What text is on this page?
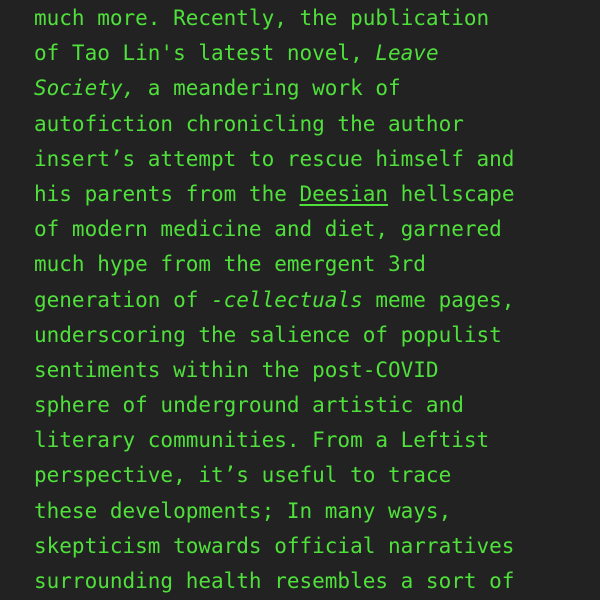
much more. Recently, the publication
of Tao Lin's latest novel, Leave
Society, a meandering work of
autofiction chronicling the author
insert’s attempt to rescue himself and
his parents from the Deesian hellscape
of modern medicine and diet, garnered
much hype from the emergent 3rd
generation of -cellectuals meme pages,
underscoring the salience of populist
sentiments within the post-COVID
sphere of underground artistic and
literary communities. From a Leftist
perspective, it’s useful to trace
these developments; In many ways,
skepticism towards official narratives
surrounding health resembles a sort of
